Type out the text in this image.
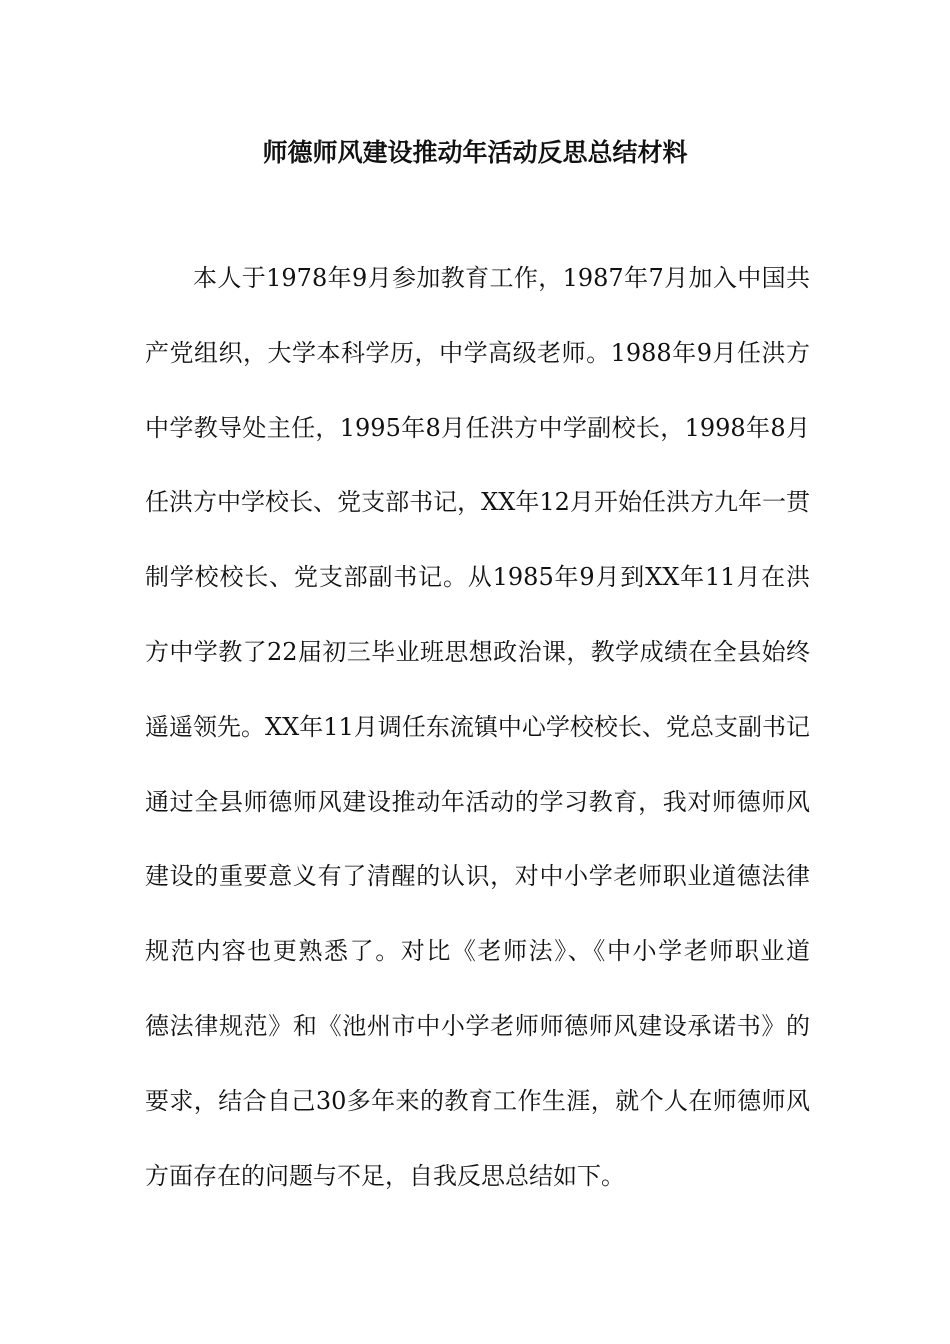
师德师风建设推动年活动反思总结材料
本人于1978年9月参加教育工作，1987年7月加入中国共
产党组织，大学本科学历，中学高级老师。1988年9月任洪方
中学教导处主任，1995年8月任洪方中学副校长，1998年8月
任洪方中学校长、党支部书记，XX年12月开始任洪方九年一贯
制学校校长、党支部副书记。从1985年9月到XX年11月在洪
方中学教了22届初三毕业班思想政治课，教学成绩在全县始终
遥遥领先。XX年11月调任东流镇中心学校校长、党总支副书记
通过全县师德师风建设推动年活动的学习教育，我对师德师风
建设的重要意义有了清醒的认识，对中小学老师职业道德法律
规范内容也更熟悉了。对比《老师法》、《中小学老师职业道
德法律规范》和《池州市中小学老师师德师风建设承诺书》的
要求，结合自己30多年来的教育工作生涯，就个人在师德师风
方面存在的问题与不足，自我反思总结如下。
